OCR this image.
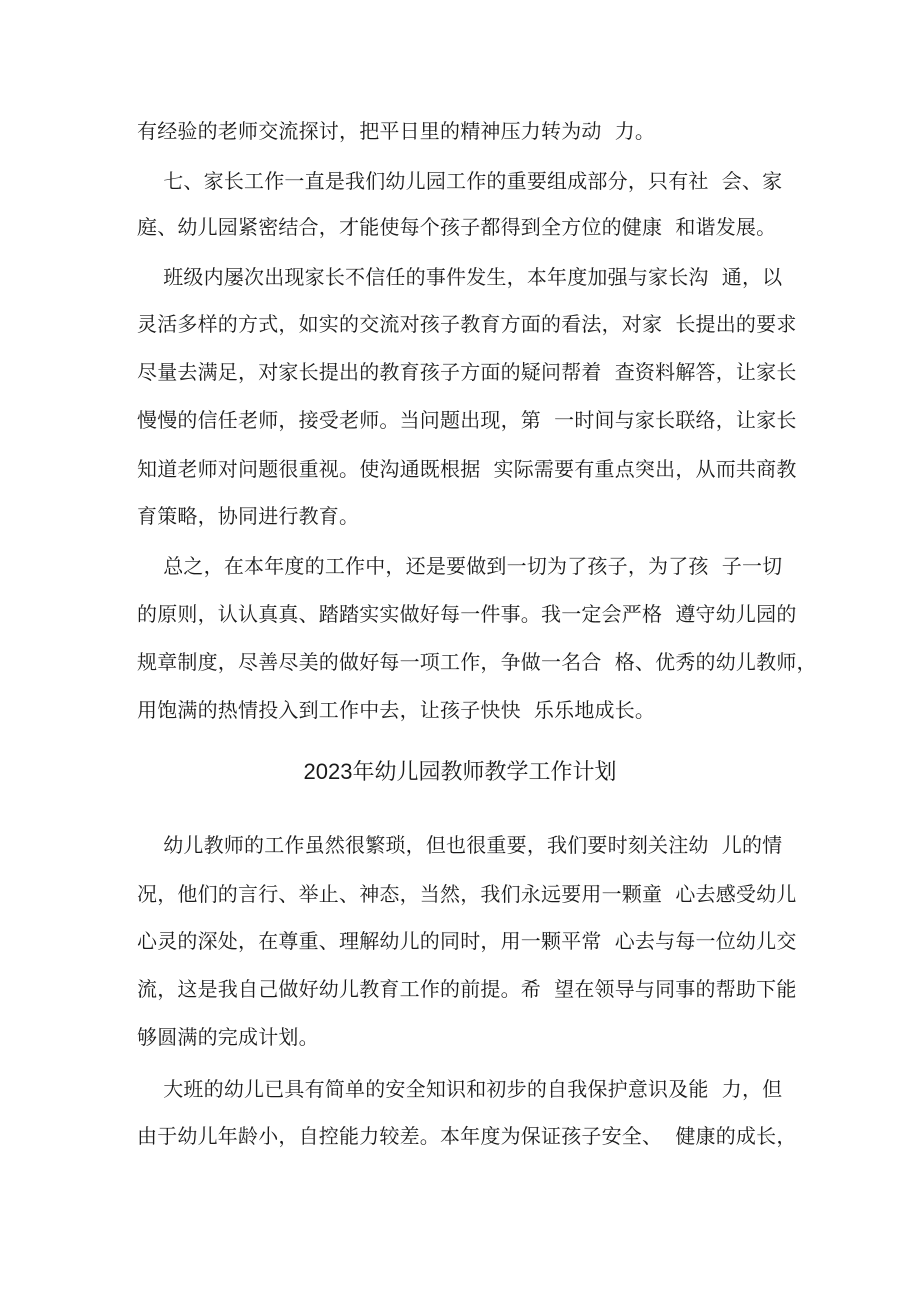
有经验的老师交流探讨，把平日里的精神压力转为动  力。
七、家长工作一直是我们幼儿园工作的重要组成部分，只有社  会、家
庭、幼儿园紧密结合，才能使每个孩子都得到全方位的健康  和谐发展。
班级内屡次出现家长不信任的事件发生，本年度加强与家长沟  通，以
灵活多样的方式，如实的交流对孩子教育方面的看法，对家  长提出的要求
尽量去满足，对家长提出的教育孩子方面的疑问帮着  查资料解答，让家长
慢慢的信任老师，接受老师。当问题出现，第  一时间与家长联络，让家长
知道老师对问题很重视。使沟通既根据  实际需要有重点突出，从而共商教
育策略，协同进行教育。
总之，在本年度的工作中，还是要做到一切为了孩子，为了孩  子一切
的原则，认认真真、踏踏实实做好每一件事。我一定会严格  遵守幼儿园的
规章制度，尽善尽美的做好每一项工作，争做一名合  格、优秀的幼儿教师，
用饱满的热情投入到工作中去，让孩子快快  乐乐地成长。
2023年幼儿园教师教学工作计划
幼儿教师的工作虽然很繁琐，但也很重要，我们要时刻关注幼  儿的情
况，他们的言行、举止、神态，当然，我们永远要用一颗童  心去感受幼儿
心灵的深处，在尊重、理解幼儿的同时，用一颗平常  心去与每一位幼儿交
流，这是我自己做好幼儿教育工作的前提。希  望在领导与同事的帮助下能
够圆满的完成计划。
大班的幼儿已具有简单的安全知识和初步的自我保护意识及能  力，但
由于幼儿年龄小，自控能力较差。本年度为保证孩子安全、  健康的成长，
